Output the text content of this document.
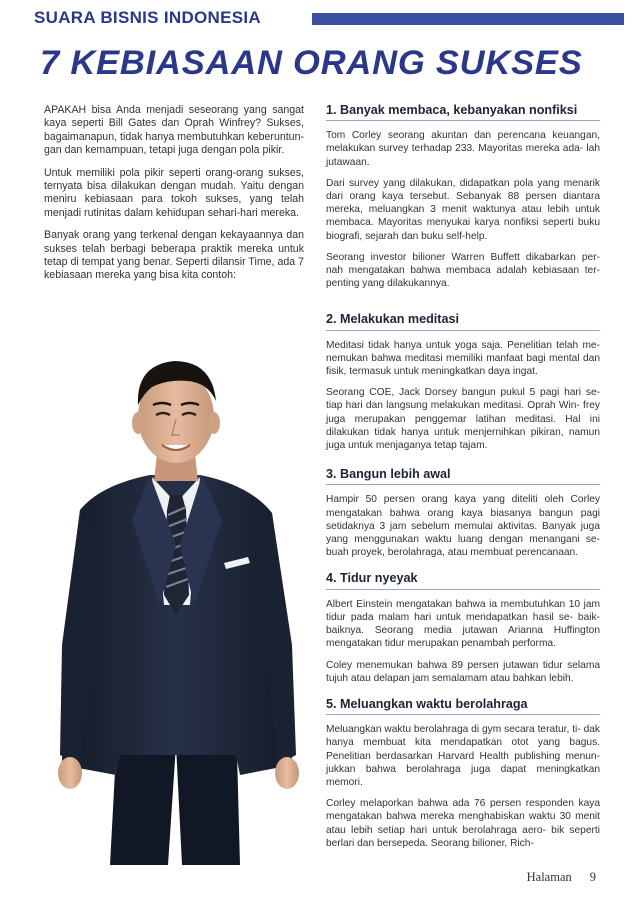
SUARA BISNIS INDONESIA
7 KEBIASAAN ORANG SUKSES

APAKAH bisa Anda menjadi seseorang yang sangat kaya seperti Bill Gates dan Oprah Winfrey? Sukses, bagaimanapun, tidak hanya membutuhkan keberuntun- gan dan kemampuan, tetapi juga dengan pola pikir.

Untuk memiliki pola pikir seperti orang-orang sukses, ternyata bisa dilakukan dengan mudah. Yaitu dengan meniru kebiasaan para tokoh sukses, yang telah menjadi rutinitas dalam kehidupan sehari-hari mereka.

Banyak orang yang terkenal dengan kekayaannya dan sukses telah berbagi beberapa praktik mereka untuk tetap di tempat yang benar. Seperti dilansir Time, ada 7 kebiasaan mereka yang bisa kita contoh:

1. Banyak membaca, kebanyakan nonfiksi

Tom Corley seorang akuntan dan perencana keuangan, melakukan survey terhadap 233. Mayoritas mereka ada- lah jutawaan.

Dari survey yang dilakukan, didapatkan pola yang menarik dari orang kaya tersebut. Sebanyak 88 persen diantara mereka, meluangkan 3 menit waktunya atau lebih untuk membaca. Mayoritas menyukai karya nonfiksi seperti buku biografi, sejarah dan buku self-help.

Seorang investor bilioner Warren Buffett dikabarkan per- nah mengatakan bahwa membaca adalah kebiasaan ter- penting yang dilakukannya.

2. Melakukan meditasi

Meditasi tidak hanya untuk yoga saja. Penelitian telah me- nemukan bahwa meditasi memiliki manfaat bagi mental dan fisik, termasuk untuk meningkatkan daya ingat.

Seorang COE, Jack Dorsey bangun pukul 5 pagi hari se- tiap hari dan langsung melakukan meditasi. Oprah Win- frey juga merupakan penggemar latihan meditasi. Hal ini dilakukan tidak hanya untuk menjernihkan pikiran, namun juga untuk menjaganya tetap tajam.

3. Bangun lebih awal

Hampir 50 persen orang kaya yang diteliti oleh Corley mengatakan bahwa orang kaya biasanya bangun pagi setidaknya 3 jam sebelum memulai aktivitas. Banyak juga yang menggunakan waktu luang dengan menangani se- buah proyek, berolahraga, atau membuat perencanaan.

4. Tidur nyeyak

Albert Einstein mengatakan bahwa ia membutuhkan 10 jam tidur pada malam hari untuk mendapatkan hasil se- baik-baiknya. Seorang media jutawan Arianna Huffington mengatakan tidur merupakan penambah performa.

Coley menemukan bahwa 89 persen jutawan tidur selama tujuh atau delapan jam semalamam atau bahkan lebih.

5. Meluangkan waktu berolahraga

Meluangkan waktu berolahraga di gym secara teratur, ti- dak hanya membuat kita mendapatkan otot yang bagus. Penelitian berdasarkan Harvard Health publishing menun- jukkan bahwa berolahraga juga dapat meningkatkan memori.

Corley melaporkan bahwa ada 76 persen responden kaya mengatakan bahwa mereka menghabiskan waktu 30 menit atau lebih setiap hari untuk berolahraga aero- bik seperti berlari dan bersepeda. Seorang bilioner, Rich-

Halaman 9
